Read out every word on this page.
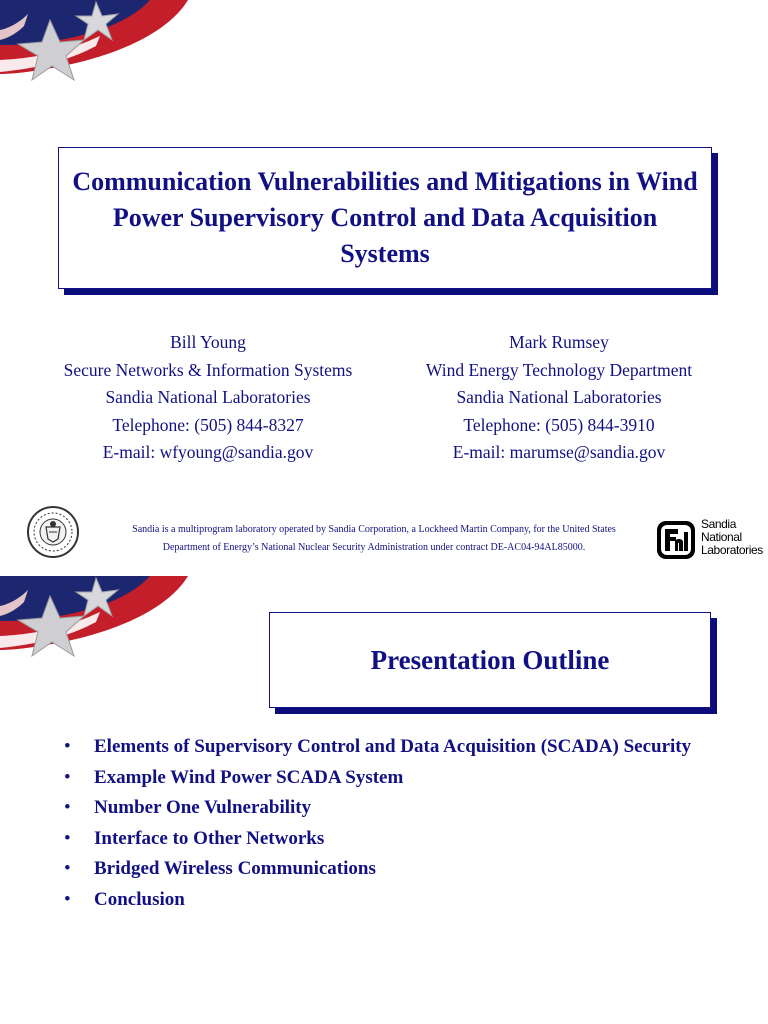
Communication Vulnerabilities and Mitigations in Wind Power Supervisory Control and Data Acquisition Systems
Bill Young
Secure Networks & Information Systems
Sandia National Laboratories
Telephone: (505) 844-8327
E-mail: wfyoung@sandia.gov
Mark Rumsey
Wind Energy Technology Department
Sandia National Laboratories
Telephone: (505) 844-3910
E-mail: marumse@sandia.gov
Sandia is a multiprogram laboratory operated by Sandia Corporation, a Lockheed Martin Company, for the United States
Department of Energy’s National Nuclear Security Administration under contract DE-AC04-94AL85000.
Sandia
National
Laboratories
Presentation Outline
• Elements of Supervisory Control and Data Acquisition (SCADA) Security
• Example Wind Power SCADA System
• Number One Vulnerability
• Interface to Other Networks
• Bridged Wireless Communications
• Conclusion
